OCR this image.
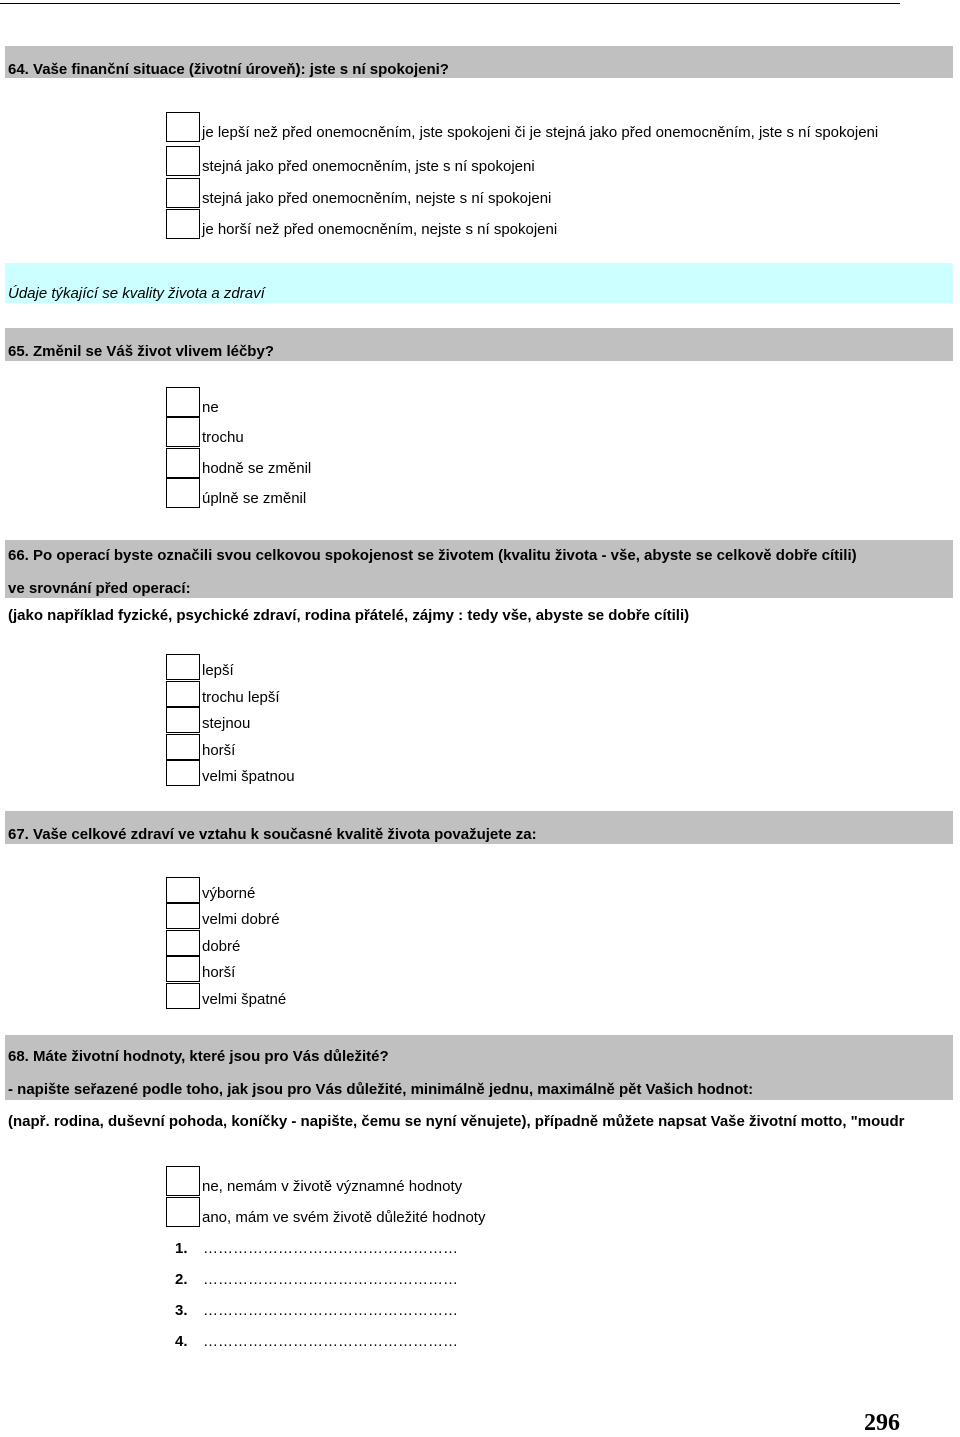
64. Vaše finanční situace (životní úroveň): jste s ní spokojeni?
je lepší než před onemocněním, jste spokojeni či je stejná jako před onemocněním, jste s ní spokojeni
stejná jako před onemocněním, jste s ní spokojeni
stejná jako před onemocněním, nejste s ní spokojeni
je horší než před onemocněním, nejste s ní spokojeni
Údaje týkající se kvality života a zdraví
65. Změnil se Váš život vlivem léčby?
ne
trochu
hodně se změnil
úplně se změnil
66. Po operací byste označili svou celkovou spokojenost se životem (kvalitu života - vše, abyste se celkově dobře cítili)
ve srovnání před operací:
(jako například fyzické, psychické zdraví, rodina přátelé, zájmy : tedy vše, abyste se dobře cítili)
lepší
trochu lepší
stejnou
horší
velmi špatnou
67. Vaše celkové zdraví ve vztahu k současné kvalitě života považujete za:
výborné
velmi dobré
dobré
horší
velmi špatné
68. Máte životní hodnoty, které jsou pro Vás důležité?
- napište seřazené podle toho, jak jsou pro Vás důležité, minimálně jednu, maximálně pět Vašich hodnot:
(např. rodina, duševní pohoda, koníčky - napište, čemu se nyní věnujete), případně můžete napsat Vaše životní motto, "moudr
ne, nemám v životě významné hodnoty
ano, mám ve svém životě důležité hodnoty
1. ……………………………………………
2. ……………………………………………
3. ……………………………………………
4. ……………………………………………
296
